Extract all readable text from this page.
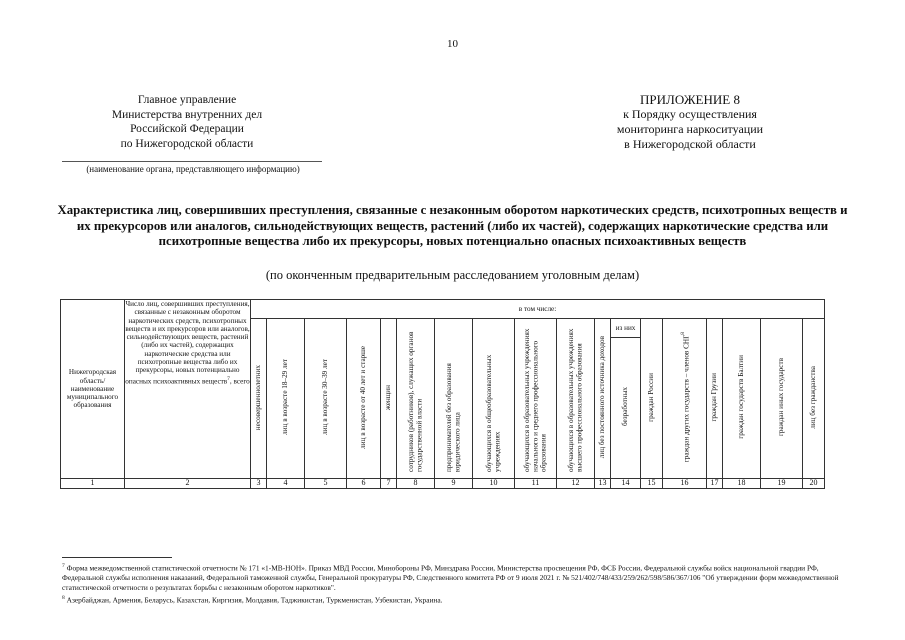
10
Главное управление
Министерства внутренних дел
Российской Федерации
по Нижегородской области
(наименование органа, представляющего информацию)
ПРИЛОЖЕНИЕ 8
к Порядку осуществления
мониторинга наркоситуации
в Нижегородской области
Характеристика лиц, совершивших преступления, связанные с незаконным оборотом наркотических средств, психотропных веществ и их прекурсоров или аналогов, сильнодействующих веществ, растений (либо их частей), содержащих наркотические средства или психотропные вещества либо их прекурсоры, новых потенциально опасных психоактивных веществ
(по оконченным предварительным расследованием уголовным делам)
Нижегородская область/ наименование муниципального образования	Число лиц, совершивших преступления, связанные с незаконным оборотом наркотических средств, психотропных веществ и их прекурсоров или аналогов, сильнодействующих веществ, растений (либо их частей), содержащих наркотические средства или психотропные вещества либо их прекурсоры, новых потенциально опасных психоактивных веществ$^7$, всего	в том числе:																	
		несовершеннолетних	лиц в возрасте 18–29 лет	лиц в возрасте 30–39 лет	лиц в возрасте от 40 лет и старше	женщин	сотрудников (работников), служащих органов государственной власти	предпринимателей без образования юридического лица	обучающихся в общеобразовательных учреждениях	обучающихся в образовательных учреждениях начального и среднего профессионального образования	обучающихся в образовательных учреждениях высшего профессионального образования	лиц без постоянного источника доходов	из них	граждан России	граждан других государств – членов СНГ$^8$	граждан Грузии	граждан государств Балтии	граждан иных государств	лиц без гражданства
													безработных						
1	2	3	4	5	6	7	8	9	10	11	12	13	14	15	16	17	18	19	20
$^7$ Форма межведомственной статистической отчетности № 171 «1-МВ-НОН». Приказ МВД России, Минобороны РФ, Минздрава России, Министерства просвещения РФ, ФСБ России, Федеральной службы войск национальной гвардии РФ, Федеральной службы исполнения наказаний, Федеральной таможенной службы, Генеральной прокуратуры РФ, Следственного комитета РФ от 9 июля 2021 г. № 521/402/748/433/259/262/598/586/367/106 "Об утверждении форм межведомственной статистической отчетности о результатах борьбы с незаконным оборотом наркотиков".
$^8$ Азербайджан, Армения, Беларусь, Казахстан, Киргизия, Молдавия, Таджикистан, Туркменистан, Узбекистан, Украина.
